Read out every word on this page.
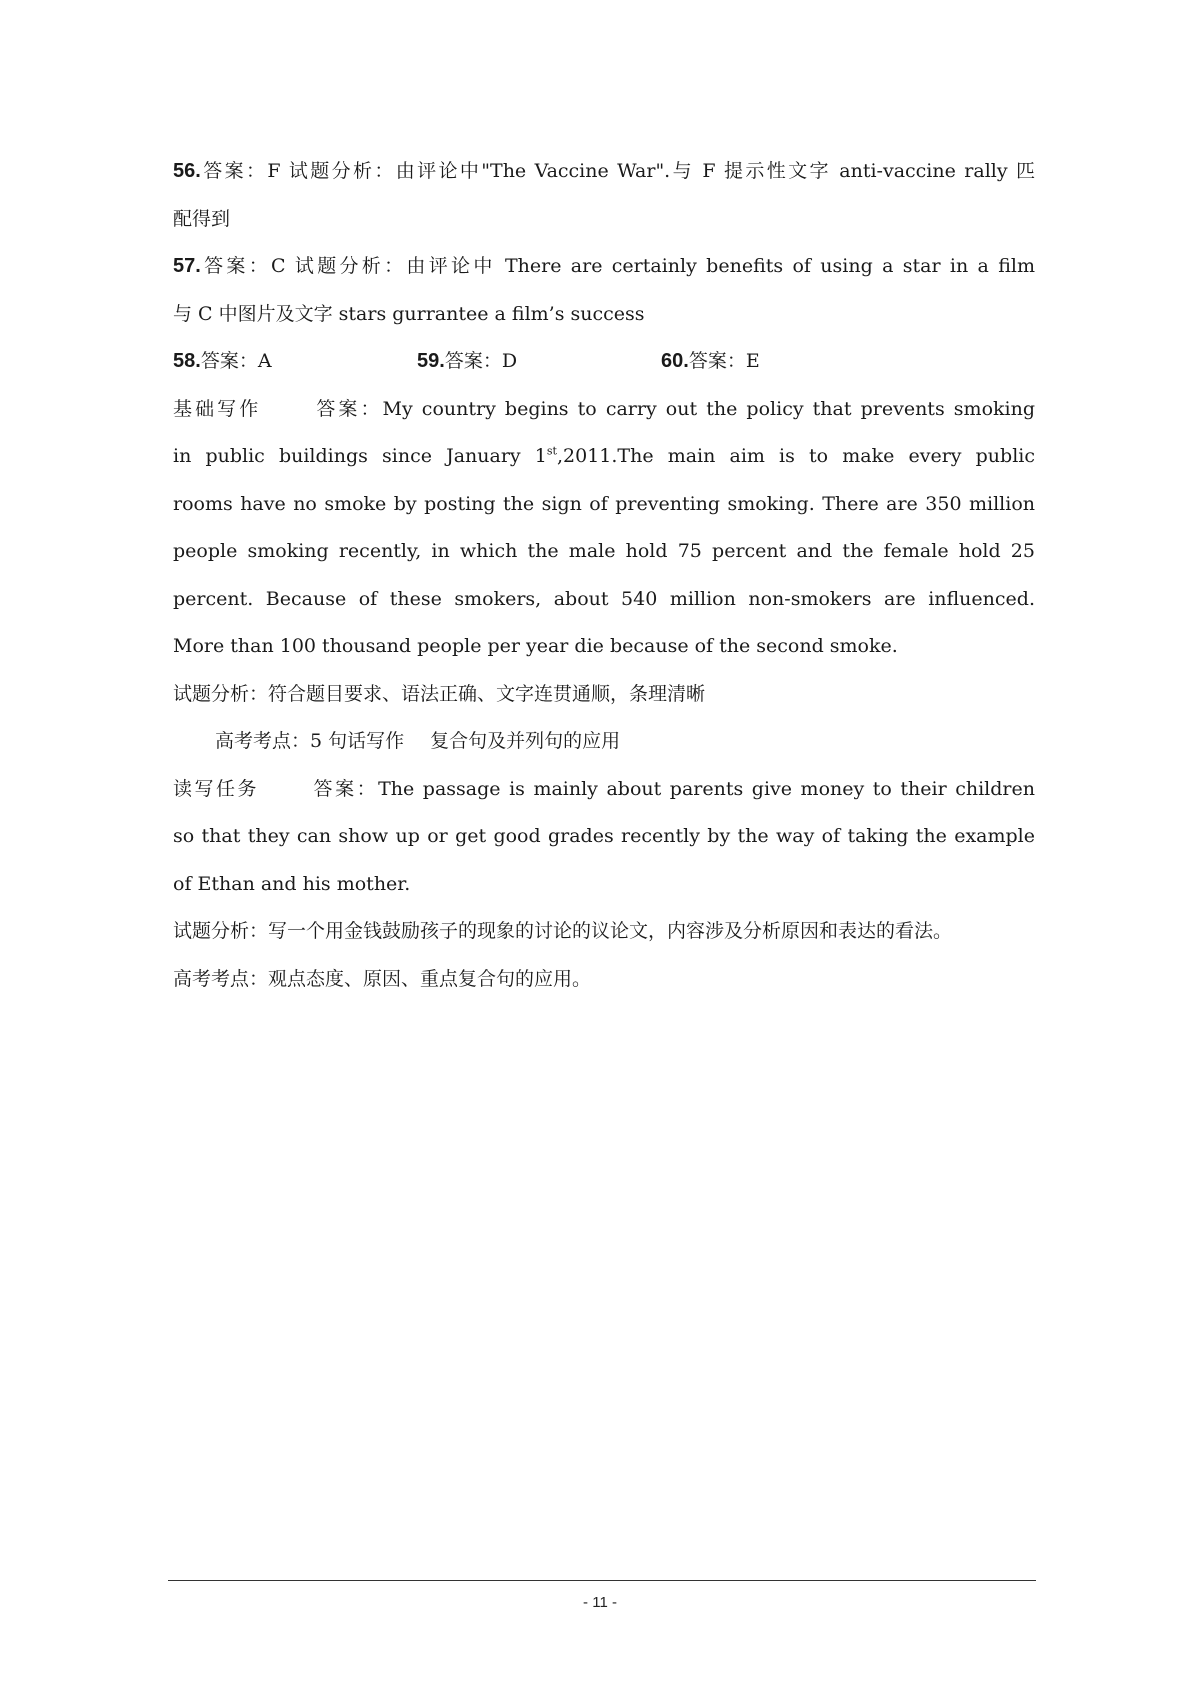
56.答案：F 试题分析：由评论中"The Vaccine War".与 F 提示性文字 anti-vaccine rally 匹
配得到
57.答案：C 试题分析：由评论中 There are certainly benefits of using a star in a film
与 C 中图片及文字 stars gurrantee a film’s success
58.答案：A	59.答案：D	60.答案：E
基础写作	答案：My country begins to carry out the policy that prevents smoking
in public buildings since January 1st,2011.The main aim is to make every public
rooms have no smoke by posting the sign of preventing smoking. There are 350 million
people smoking recently, in which the male hold 75 percent and the female hold 25
percent. Because of these smokers, about 540 million non-smokers are influenced.
More than 100 thousand people per year die because of the second smoke.
试题分析：符合题目要求、语法正确、文字连贯通顺，条理清晰
高考考点：5 句话写作 复合句及并列句的应用
读写任务	答案：The passage is mainly about parents give money to their children
so that they can show up or get good grades recently by the way of taking the example
of Ethan and his mother.
试题分析：写一个用金钱鼓励孩子的现象的讨论的议论文，内容涉及分析原因和表达的看法。
高考考点：观点态度、原因、重点复合句的应用。
- 11 -
